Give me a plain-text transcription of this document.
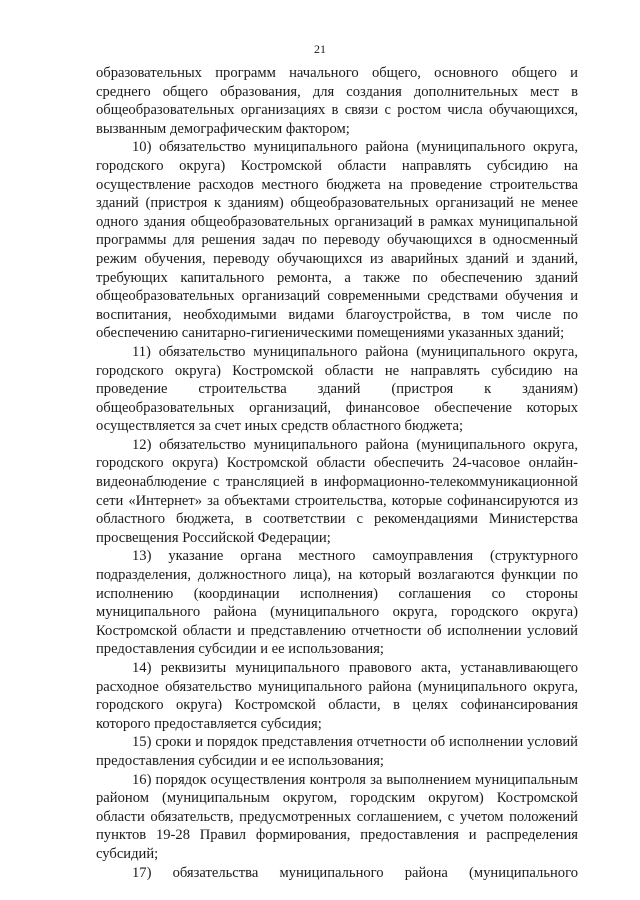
21

образовательных программ начального общего, основного общего и среднего общего образования, для создания дополнительных мест в общеобразовательных организациях в связи с ростом числа обучающихся, вызванным демографическим фактором;

10) обязательство муниципального района (муниципального округа, городского округа) Костромской области направлять субсидию на осуществление расходов местного бюджета на проведение строительства зданий (пристроя к зданиям) общеобразовательных организаций не менее одного здания общеобразовательных организаций в рамках муниципальной программы для решения задач по переводу обучающихся в односменный режим обучения, переводу обучающихся из аварийных зданий и зданий, требующих капитального ремонта, а также по обеспечению зданий общеобразовательных организаций современными средствами обучения и воспитания, необходимыми видами благоустройства, в том числе по обеспечению санитарно-гигиеническими помещениями указанных зданий;

11) обязательство муниципального района (муниципального округа, городского округа) Костромской области не направлять субсидию на проведение строительства зданий (пристроя к зданиям) общеобразовательных организаций, финансовое обеспечение которых осуществляется за счет иных средств областного бюджета;

12) обязательство муниципального района (муниципального округа, городского округа) Костромской области обеспечить 24-часовое онлайн-видеонаблюдение с трансляцией в информационно-телекоммуникационной сети «Интернет» за объектами строительства, которые софинансируются из областного бюджета, в соответствии с рекомендациями Министерства просвещения Российской Федерации;

13) указание органа местного самоуправления (структурного подразделения, должностного лица), на который возлагаются функции по исполнению (координации исполнения) соглашения со стороны муниципального района (муниципального округа, городского округа) Костромской области и представлению отчетности об исполнении условий предоставления субсидии и ее использования;

14) реквизиты муниципального правового акта, устанавливающего расходное обязательство муниципального района (муниципального округа, городского округа) Костромской области, в целях софинансирования которого предоставляется субсидия;

15) сроки и порядок представления отчетности об исполнении условий предоставления субсидии и ее использования;

16) порядок осуществления контроля за выполнением муниципальным районом (муниципальным округом, городским округом) Костромской области обязательств, предусмотренных соглашением, с учетом положений пунктов 19-28 Правил формирования, предоставления и распределения субсидий;

17) обязательства муниципального района (муниципального
